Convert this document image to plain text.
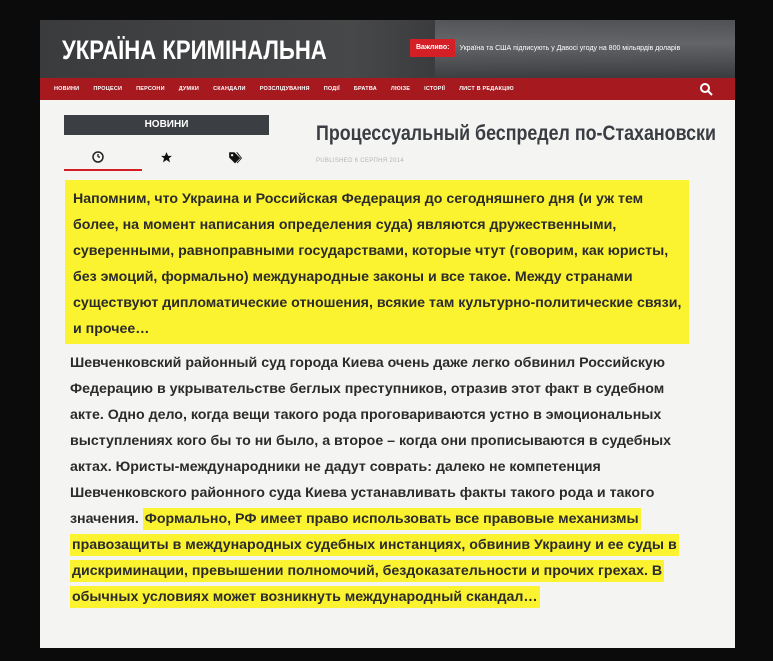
УКРАЇНА КРИМІНАЛЬНА	Важливо:	Україна та США підписують у Давосі угоду на 800 мільярдів доларів
НОВИНИ	ПРОЦЕСИ	ПЕРСОНИ	ДУМКИ	СКАНДАЛИ	РОЗСЛІДУВАННЯ	ПОДІЇ	БРАТВА	ЛЮІЗЕ	ІСТОРІЇ	ЛИСТ В РЕДАКЦІЮ
НОВИНИ	Процессуальный беспредел по-Стахановски
PUBLISHED 6 СЕРПНЯ 2014
Напомним, что Украина и Российская Федерация до сегодняшнего дня (и уж тем более, на момент написания определения суда) являются дружественными, суверенными, равноправными государствами, которые чтут (говорим, как юристы, без эмоций, формально) международные законы и все такое. Между странами существуют дипломатические отношения, всякие там культурно-политические связи, и прочее…
Шевченковский районный суд города Киева очень даже легко обвинил Российскую Федерацию в укрывательстве беглых преступников, отразив этот факт в судебном акте. Одно дело, когда вещи такого рода проговариваются устно в эмоциональных выступлениях кого бы то ни было, а второе – когда они прописываются в судебных актах. Юристы-международники не дадут соврать: далеко не компетенция Шевченковского районного суда Киева устанавливать факты такого рода и такого значения. Формально, РФ имеет право использовать все правовые механизмы правозащиты в международных судебных инстанциях, обвинив Украину и ее суды в дискриминации, превышении полномочий, бездоказательности и прочих грехах. В обычных условиях может возникнуть международный скандал…
